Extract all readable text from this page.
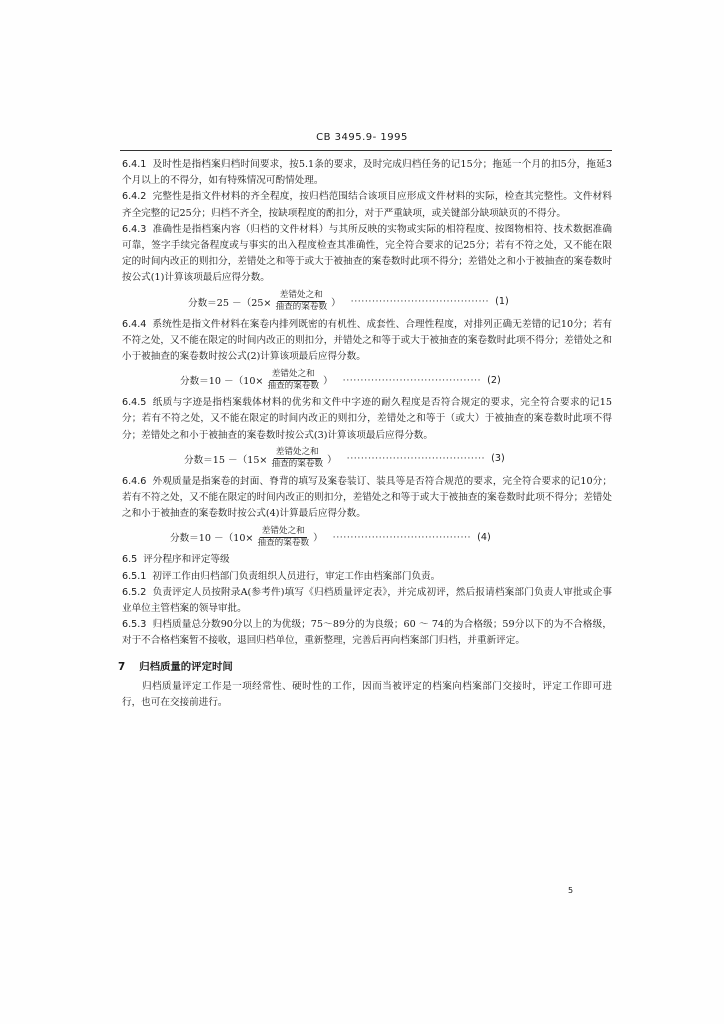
CB 3495.9- 1995

6.4.1 及时性是指档案归档时间要求，按5.1条的要求，及时完成归档任务的记15分；拖延一个月的扣5分，拖延3个月以上的不得分，如有特殊情况可酌情处理。

6.4.2 完整性是指文件材料的齐全程度，按归档范围结合该项目应形成文件材料的实际，检查其完整性。文件材料齐全完整的记25分；归档不齐全，按缺项程度的酌扣分，对于严重缺项，或关键部分缺项缺页的不得分。

6.4.3 准确性是指档案内容（归档的文件材料）与其所反映的实物或实际的相符程度、按图物相符、技术数据准确可靠，签字手续完备程度或与事实的出入程度检查其准确性，完全符合要求的记25分；若有不符之处，又不能在限定的时间内改正的则扣分，差错处之和等于或大于被抽查的案卷数时此项不得分；差错处之和小于被抽查的案卷数时按公式(1)计算该项最后应得分数。

分数$=25 -(25\times \frac{\text{差错处之和}}{\text{抽查的案卷数}}$ ） ······································· (1)

6.4.4 系统性是指文件材料在案卷内排列既密的有机性、成套性、合理性程度，对排列正确无差错的记10分；若有不符之处，又不能在限定的时间内改正的则扣分，并错处之和等于或大于被抽查的案卷数时此项不得分；差错处之和小于被抽查的案卷数时按公式(2)计算该项最后应得分数。

分数$=10 -(10\times \frac{\text{差错处之和}}{\text{抽查的案卷数}}$ ） ······································· (2)

6.4.5 纸质与字迹是指档案载体材料的优劣和文件中字迹的耐久程度是否符合规定的要求，完全符合要求的记15分；若有不符之处，又不能在限定的时间内改正的则扣分，差错处之和等于（或大）于被抽查的案卷数时此项不得分；差错处之和小于被抽查的案卷数时按公式(3)计算该项最后应得分数。

分数$=15 -(15\times \frac{\text{差错处之和}}{\text{抽查的案卷数}}$ ） ······································· (3)

6.4.6 外观质量是指案卷的封面、脊背的填写及案卷装订、装具等是否符合规范的要求，完全符合要求的记10分；若有不符之处，又不能在限定的时间内改正的则扣分，差错处之和等于或大于被抽查的案卷数时此项不得分；差错处之和小于被抽查的案卷数时按公式(4)计算最后应得分数。

分数$=10 -(10\times \frac{\text{差错处之和}}{\text{抽查的案卷数}}$ ） ······································· (4)

6.5 评分程序和评定等级

6.5.1 初评工作由归档部门负责组织人员进行，审定工作由档案部门负责。

6.5.2 负责评定人员按附录A(参考件)填写《归档质量评定表》，并完成初评，然后报请档案部门负责人审批或企事业单位主管档案的领导审批。

6.5.3 归档质量总分数90分以上的为优级；75～89分的为良级；60 ～ 74的为合格级；59分以下的为不合格级，对于不合格档案暂不接收，退回归档单位，重新整理，完善后再向档案部门归档，并重新评定。

7 归档质量的评定时间

归档质量评定工作是一项经常性、硬时性的工作，因而当被评定的档案向档案部门交接时，评定工作即可进行，也可在交接前进行。

5
